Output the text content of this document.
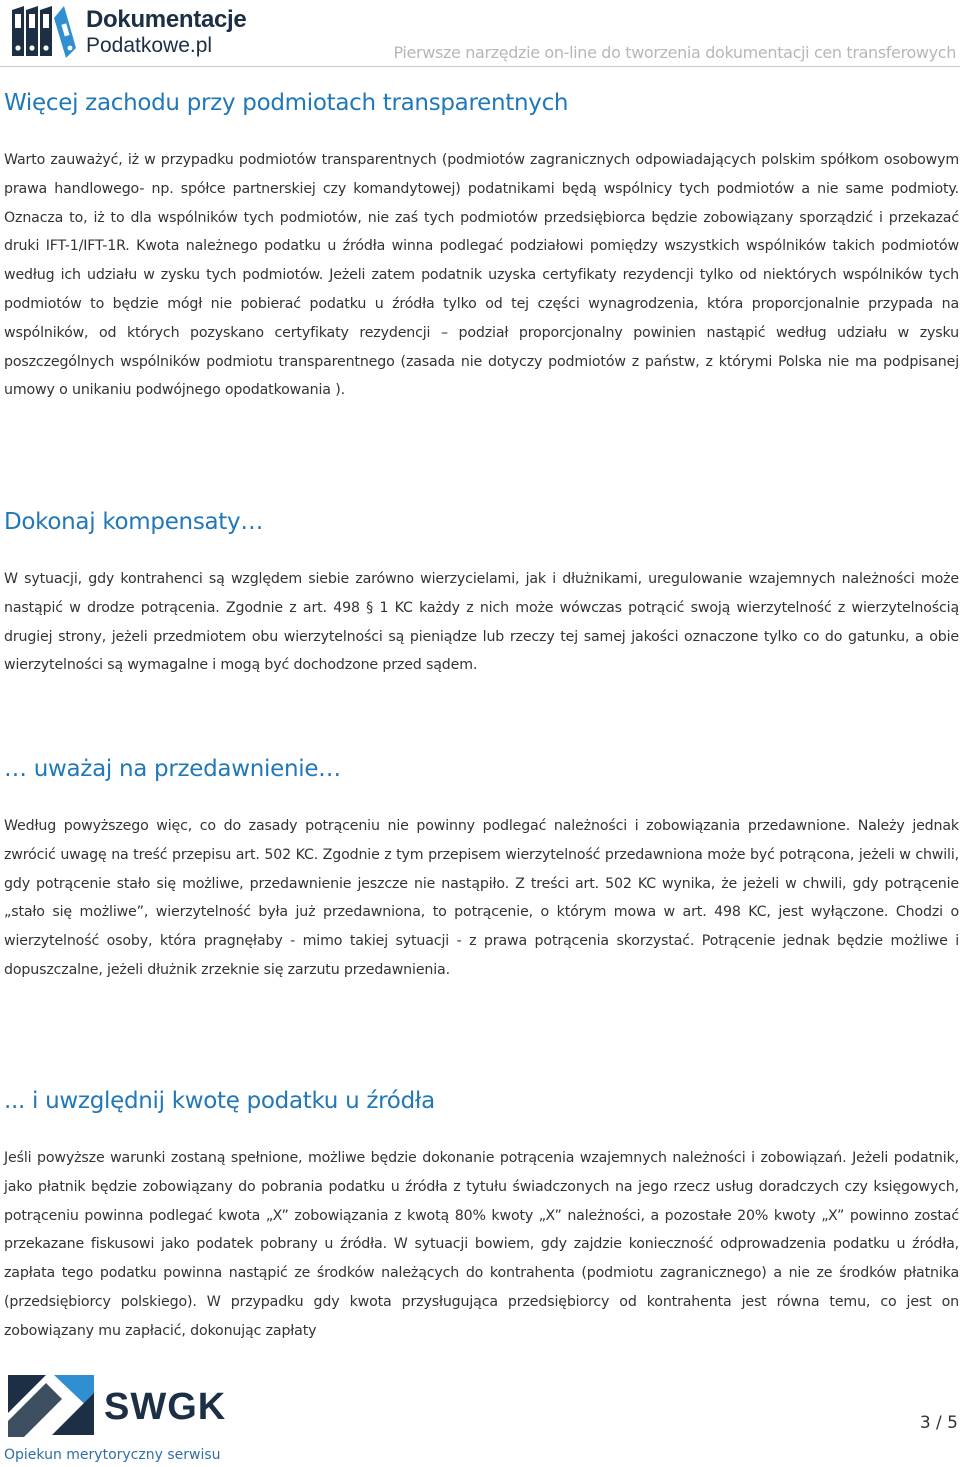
Dokumentacje
Podatkowe.pl	Pierwsze narzędzie on-line do tworzenia dokumentacji cen transferowych
Więcej zachodu przy podmiotach transparentnych

Warto zauważyć, iż w przypadku podmiotów transparentnych (podmiotów zagranicznych odpowiadających polskim spółkom osobowym prawa handlowego- np. spółce partnerskiej czy komandytowej) podatnikami będą wspólnicy tych podmiotów a nie same podmioty. Oznacza to, iż to dla wspólników tych podmiotów, nie zaś tych podmiotów przedsiębiorca będzie zobowiązany sporządzić i przekazać druki IFT-1/IFT-1R. Kwota należnego podatku u źródła winna podlegać podziałowi pomiędzy wszystkich wspólników takich podmiotów według ich udziału w zysku tych podmiotów. Jeżeli zatem podatnik uzyska certyfikaty rezydencji tylko od niektórych wspólników tych podmiotów to będzie mógł nie pobierać podatku u źródła tylko od tej części wynagrodzenia, która proporcjonalnie przypada na wspólników, od których pozyskano certyfikaty rezydencji – podział proporcjonalny powinien nastąpić według udziału w zysku poszczególnych wspólników podmiotu transparentnego (zasada nie dotyczy podmiotów z państw, z którymi Polska nie ma podpisanej umowy o unikaniu podwójnego opodatkowania ).

Dokonaj kompensaty…

W sytuacji, gdy kontrahenci są względem siebie zarówno wierzycielami, jak i dłużnikami, uregulowanie wzajemnych należności może nastąpić w drodze potrącenia. Zgodnie z art. 498 § 1 KC każdy z nich może wówczas potrącić swoją wierzytelność z wierzytelnością drugiej strony, jeżeli przedmiotem obu wierzytelności są pieniądze lub rzeczy tej samej jakości oznaczone tylko co do gatunku, a obie wierzytelności są wymagalne i mogą być dochodzone przed sądem.

… uważaj na przedawnienie…

Według powyższego więc, co do zasady potrąceniu nie powinny podlegać należności i zobowiązania przedawnione. Należy jednak zwrócić uwagę na treść przepisu art. 502 KC. Zgodnie z tym przepisem wierzytelność przedawniona może być potrącona, jeżeli w chwili, gdy potrącenie stało się możliwe, przedawnienie jeszcze nie nastąpiło. Z treści art. 502 KC wynika, że jeżeli w chwili, gdy potrącenie „stało się możliwe”, wierzytelność była już przedawniona, to potrącenie, o którym mowa w art. 498 KC, jest wyłączone. Chodzi o wierzytelność osoby, która pragnęłaby - mimo takiej sytuacji - z prawa potrącenia skorzystać. Potrącenie jednak będzie możliwe i dopuszczalne, jeżeli dłużnik zrzeknie się zarzutu przedawnienia.

... i uwzględnij kwotę podatku u źródła

Jeśli powyższe warunki zostaną spełnione, możliwe będzie dokonanie potrącenia wzajemnych należności i zobowiązań. Jeżeli podatnik, jako płatnik będzie zobowiązany do pobrania podatku u źródła z tytułu świadczonych na jego rzecz usług doradczych czy księgowych, potrąceniu powinna podlegać kwota „X” zobowiązania z kwotą 80% kwoty „X” należności, a pozostałe 20% kwoty „X” powinno zostać przekazane fiskusowi jako podatek pobrany u źródła. W sytuacji bowiem, gdy zajdzie konieczność odprowadzenia podatku u źródła, zapłata tego podatku powinna nastąpić ze środków należących do kontrahenta (podmiotu zagranicznego) a nie ze środków płatnika (przedsiębiorcy polskiego). W przypadku gdy kwota przysługująca przedsiębiorcy od kontrahenta jest równa temu, co jest on zobowiązany mu zapłacić, dokonując zapłaty

SWGK
Opiekun merytoryczny serwisu
3 / 5
